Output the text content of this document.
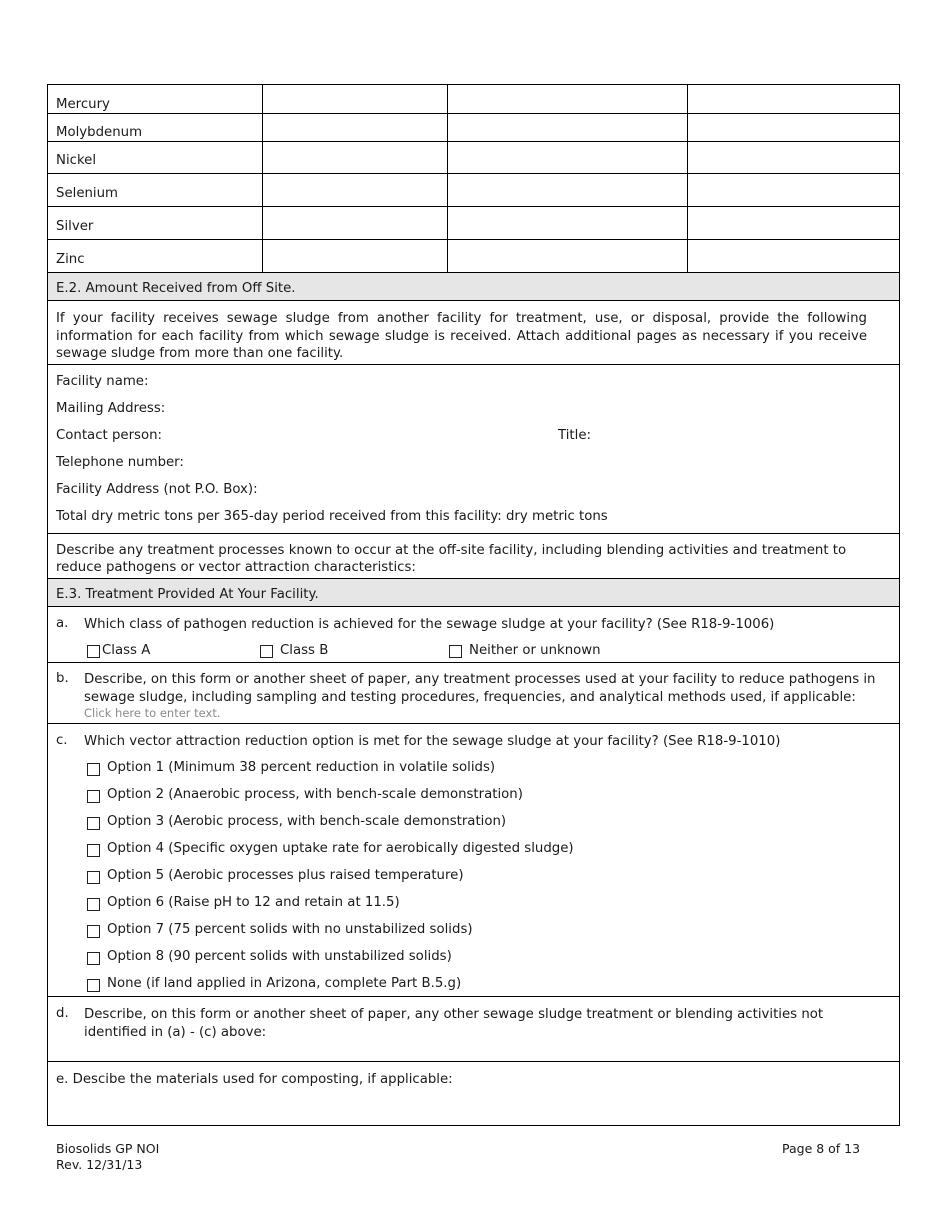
Mercury
Molybdenum
Nickel
Selenium
Silver
Zinc
E.2. Amount Received from Off Site.
If your facility receives sewage sludge from another facility for treatment, use, or disposal, provide the following information for each facility from which sewage sludge is received. Attach additional pages as necessary if you receive sewage sludge from more than one facility.
Facility name:
Mailing Address:
Contact person:	Title:
Telephone number:
Facility Address (not P.O. Box):
Total dry metric tons per 365-day period received from this facility: dry metric tons
Describe any treatment processes known to occur at the off-site facility, including blending activities and treatment to reduce pathogens or vector attraction characteristics:
E.3. Treatment Provided At Your Facility.
a. Which class of pathogen reduction is achieved for the sewage sludge at your facility? (See R18-9-1006)
Class A	Class B	Neither or unknown
b. Describe, on this form or another sheet of paper, any treatment processes used at your facility to reduce pathogens in sewage sludge, including sampling and testing procedures, frequencies, and analytical methods used, if applicable:
Click here to enter text.
c. Which vector attraction reduction option is met for the sewage sludge at your facility? (See R18-9-1010)
Option 1 (Minimum 38 percent reduction in volatile solids)
Option 2 (Anaerobic process, with bench-scale demonstration)
Option 3 (Aerobic process, with bench-scale demonstration)
Option 4 (Specific oxygen uptake rate for aerobically digested sludge)
Option 5 (Aerobic processes plus raised temperature)
Option 6 (Raise pH to 12 and retain at 11.5)
Option 7 (75 percent solids with no unstabilized solids)
Option 8 (90 percent solids with unstabilized solids)
None (if land applied in Arizona, complete Part B.5.g)
d. Describe, on this form or another sheet of paper, any other sewage sludge treatment or blending activities not identified in (a) - (c) above:
e. Descibe the materials used for composting, if applicable:
Biosolids GP NOI
Rev. 12/31/13
Page 8 of 13
